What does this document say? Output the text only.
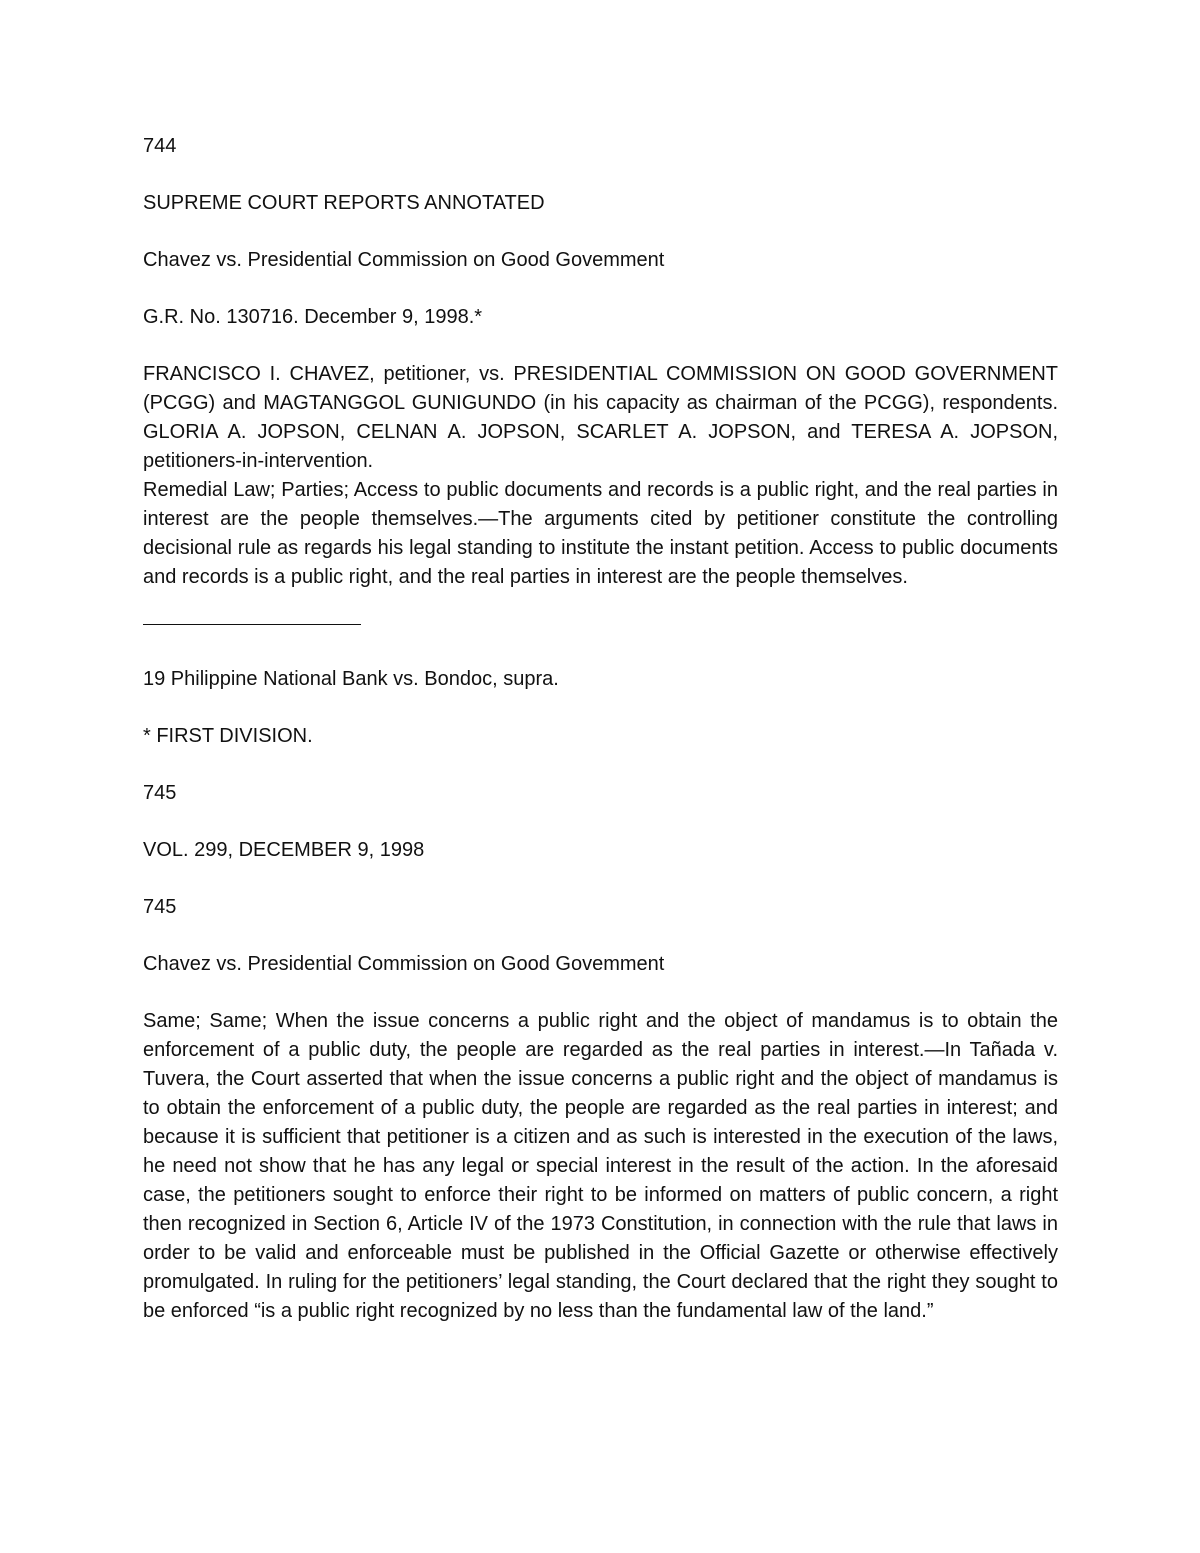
744
SUPREME COURT REPORTS ANNOTATED
Chavez vs. Presidential Commission on Good Govemment
G.R. No. 130716. December 9, 1998.*
FRANCISCO I. CHAVEZ, petitioner, vs. PRESIDENTIAL COMMISSION ON GOOD GOVERNMENT (PCGG) and MAGTANGGOL GUNIGUNDO (in his capacity as chairman of the PCGG), respondents. GLORIA A. JOPSON, CELNAN A. JOPSON, SCARLET A. JOPSON, and TERESA A. JOPSON, petitioners-in-intervention.
Remedial Law; Parties; Access to public documents and records is a public right, and the real parties in interest are the people themselves.—The arguments cited by petitioner constitute the controlling decisional rule as regards his legal standing to institute the instant petition. Access to public documents and records is a public right, and the real parties in interest are the people themselves.
19 Philippine National Bank vs. Bondoc, supra.
* FIRST DIVISION.
745
VOL. 299, DECEMBER 9, 1998
745
Chavez vs. Presidential Commission on Good Govemment
Same; Same; When the issue concerns a public right and the object of mandamus is to obtain the enforcement of a public duty, the people are regarded as the real parties in interest.—In Tañada v. Tuvera, the Court asserted that when the issue concerns a public right and the object of mandamus is to obtain the enforcement of a public duty, the people are regarded as the real parties in interest; and because it is sufficient that petitioner is a citizen and as such is interested in the execution of the laws, he need not show that he has any legal or special interest in the result of the action. In the aforesaid case, the petitioners sought to enforce their right to be informed on matters of public concern, a right then recognized in Section 6, Article IV of the 1973 Constitution, in connection with the rule that laws in order to be valid and enforceable must be published in the Official Gazette or otherwise effectively promulgated. In ruling for the petitioners’ legal standing, the Court declared that the right they sought to be enforced “is a public right recognized by no less than the fundamental law of the land.”
